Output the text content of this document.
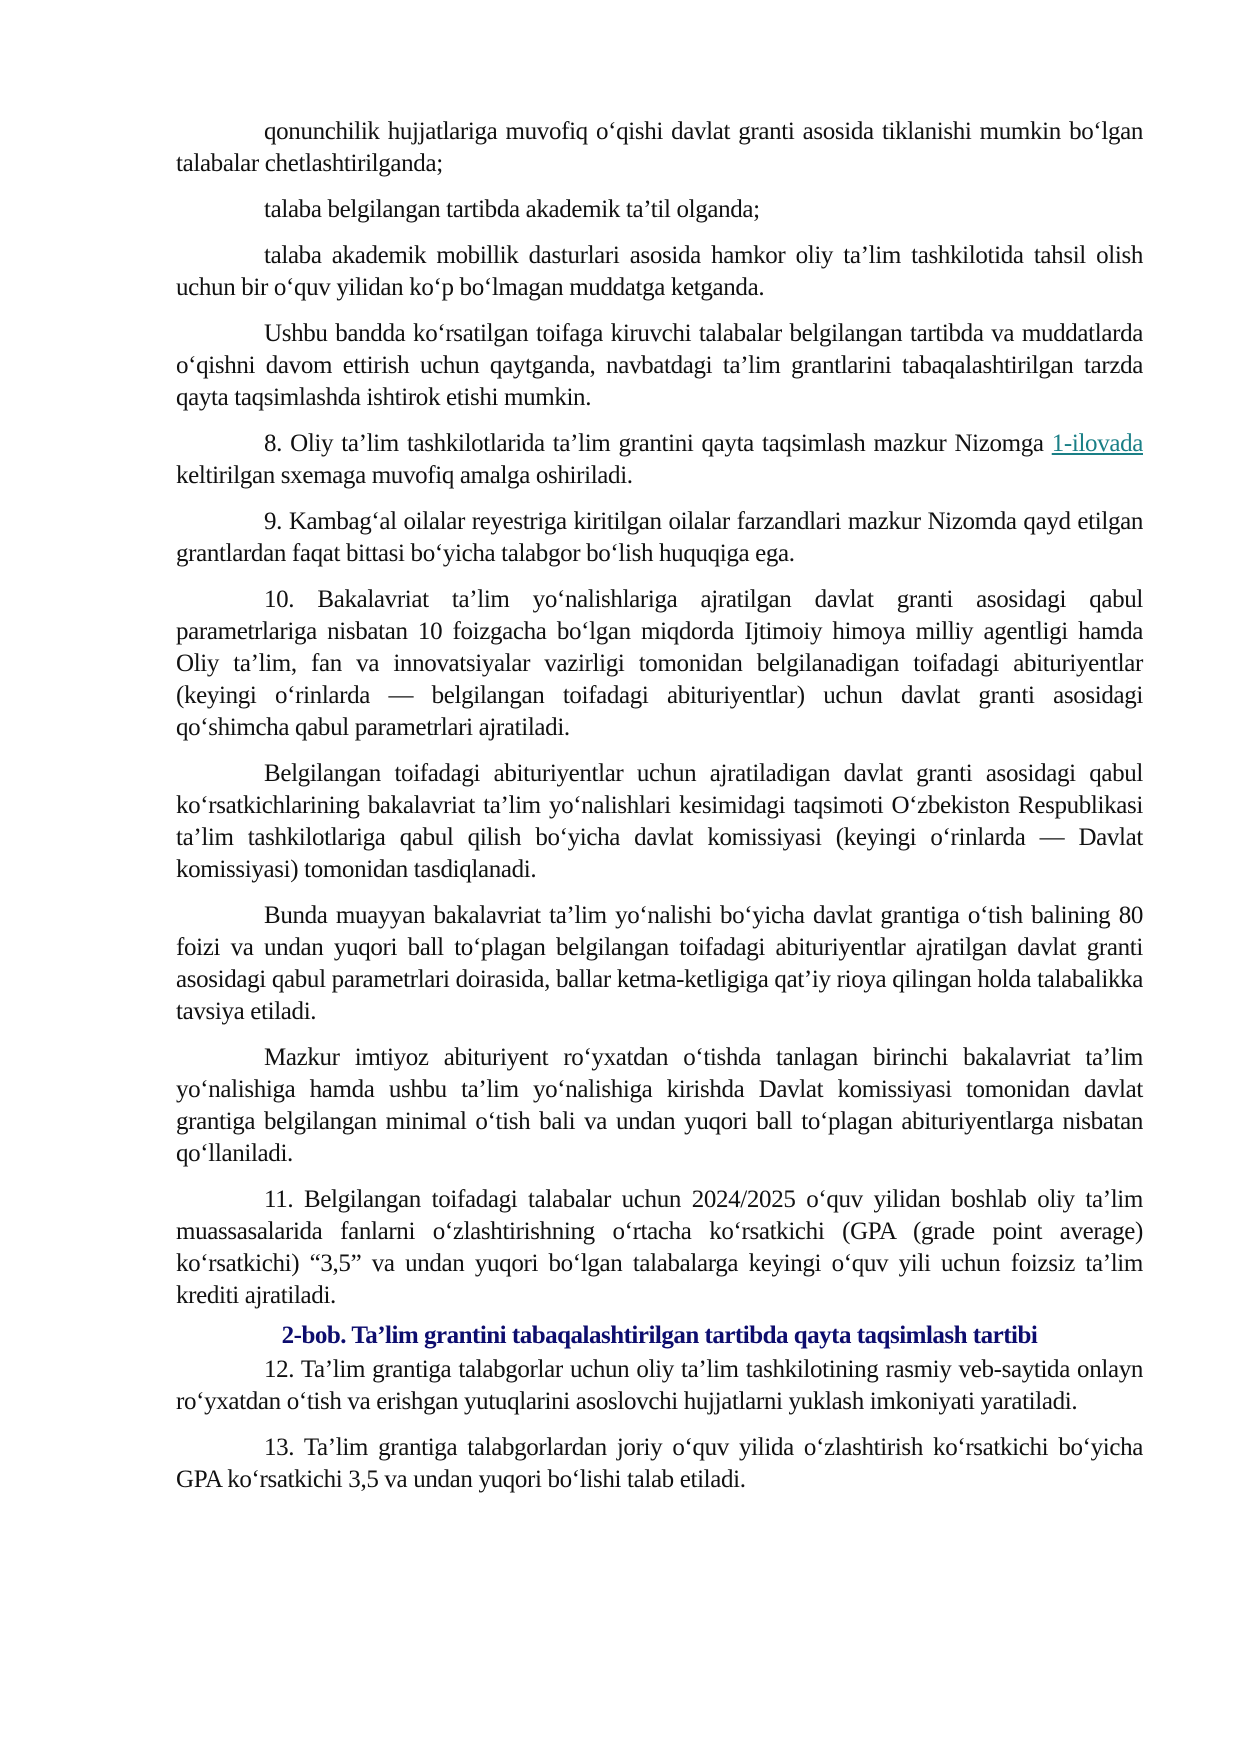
qonunchilik hujjatlariga muvofiq o‘qishi davlat granti asosida tiklanishi mumkin bo‘lgan talabalar chetlashtirilganda;

talaba belgilangan tartibda akademik ta’til olganda;

talaba akademik mobillik dasturlari asosida hamkor oliy ta’lim tashkilotida tahsil olish uchun bir o‘quv yilidan ko‘p bo‘lmagan muddatga ketganda.

Ushbu bandda ko‘rsatilgan toifaga kiruvchi talabalar belgilangan tartibda va muddatlarda o‘qishni davom ettirish uchun qaytganda, navbatdagi ta’lim grantlarini tabaqalashtirilgan tarzda qayta taqsimlashda ishtirok etishi mumkin.

8. Oliy ta’lim tashkilotlarida ta’lim grantini qayta taqsimlash mazkur Nizomga 1-ilovada keltirilgan sxemaga muvofiq amalga oshiriladi.

9. Kambag‘al oilalar reyestriga kiritilgan oilalar farzandlari mazkur Nizomda qayd etilgan grantlardan faqat bittasi bo‘yicha talabgor bo‘lish huquqiga ega.

10. Bakalavriat ta’lim yo‘nalishlariga ajratilgan davlat granti asosidagi qabul parametrlariga nisbatan 10 foizgacha bo‘lgan miqdorda Ijtimoiy himoya milliy agentligi hamda Oliy ta’lim, fan va innovatsiyalar vazirligi tomonidan belgilanadigan toifadagi abituriyentlar (keyingi o‘rinlarda — belgilangan toifadagi abituriyentlar) uchun davlat granti asosidagi qo‘shimcha qabul parametrlari ajratiladi.

Belgilangan toifadagi abituriyentlar uchun ajratiladigan davlat granti asosidagi qabul ko‘rsatkichlarining bakalavriat ta’lim yo‘nalishlari kesimidagi taqsimoti O‘zbekiston Respublikasi ta’lim tashkilotlariga qabul qilish bo‘yicha davlat komissiyasi (keyingi o‘rinlarda — Davlat komissiyasi) tomonidan tasdiqlanadi.

Bunda muayyan bakalavriat ta’lim yo‘nalishi bo‘yicha davlat grantiga o‘tish balining 80 foizi va undan yuqori ball to‘plagan belgilangan toifadagi abituriyentlar ajratilgan davlat granti asosidagi qabul parametrlari doirasida, ballar ketma-ketligiga qat’iy rioya qilingan holda talabalikka tavsiya etiladi.

Mazkur imtiyoz abituriyent ro‘yxatdan o‘tishda tanlagan birinchi bakalavriat ta’lim yo‘nalishiga hamda ushbu ta’lim yo‘nalishiga kirishda Davlat komissiyasi tomonidan davlat grantiga belgilangan minimal o‘tish bali va undan yuqori ball to‘plagan abituriyentlarga nisbatan qo‘llaniladi.

11. Belgilangan toifadagi talabalar uchun 2024/2025 o‘quv yilidan boshlab oliy ta’lim muassasalarida fanlarni o‘zlashtirishning o‘rtacha ko‘rsatkichi (GPA (grade point average) ko‘rsatkichi) “3,5” va undan yuqori bo‘lgan talabalarga keyingi o‘quv yili uchun foizsiz ta’lim krediti ajratiladi.

2-bob. Ta’lim grantini tabaqalashtirilgan tartibda qayta taqsimlash tartibi

12. Ta’lim grantiga talabgorlar uchun oliy ta’lim tashkilotining rasmiy veb-saytida onlayn ro‘yxatdan o‘tish va erishgan yutuqlarini asoslovchi hujjatlarni yuklash imkoniyati yaratiladi.

13. Ta’lim grantiga talabgorlardan joriy o‘quv yilida o‘zlashtirish ko‘rsatkichi bo‘yicha GPA ko‘rsatkichi 3,5 va undan yuqori bo‘lishi talab etiladi.
